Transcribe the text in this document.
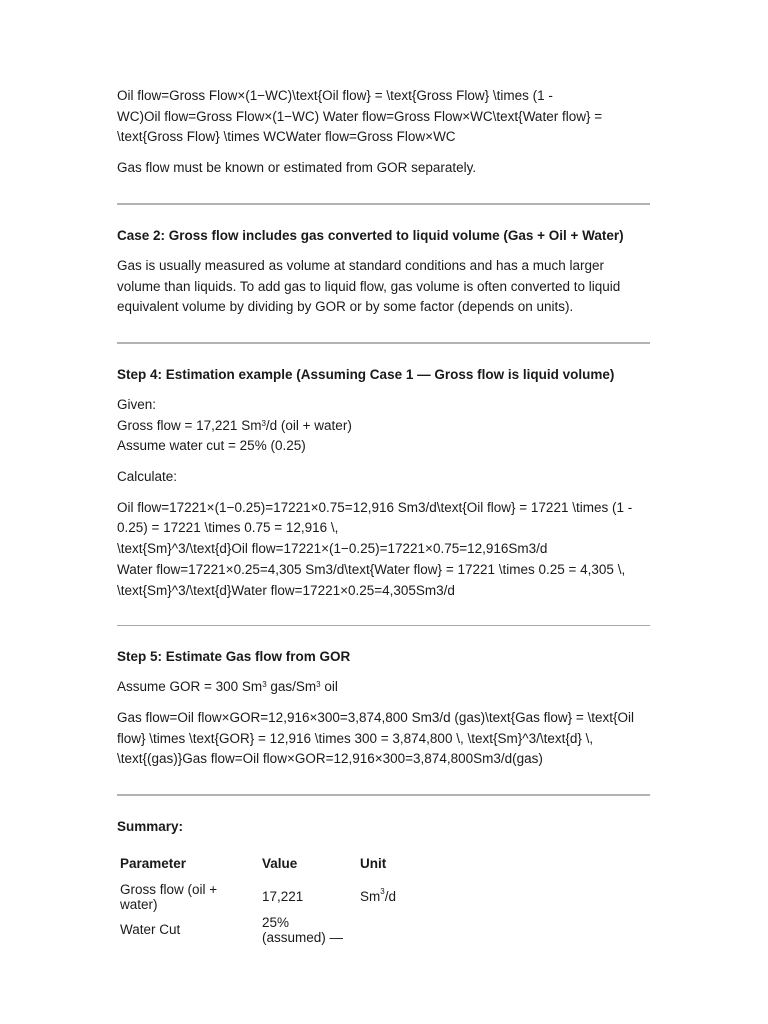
Oil flow=Gross Flow×(1−WC)\text{Oil flow} = \text{Gross Flow} \times (1 -

WC)Oil flow=Gross Flow×(1−WC) Water flow=Gross Flow×WC\text{Water flow} =

\text{Gross Flow} \times WCWater flow=Gross Flow×WC

Gas flow must be known or estimated from GOR separately.

Case 2: Gross flow includes gas converted to liquid volume (Gas + Oil + Water)

Gas is usually measured as volume at standard conditions and has a much larger

volume than liquids. To add gas to liquid flow, gas volume is often converted to liquid

equivalent volume by dividing by GOR or by some factor (depends on units).

Step 4: Estimation example (Assuming Case 1 — Gross flow is liquid volume)

Given:

Gross flow = 17,221 Sm$^3$/d (oil + water)

Assume water cut = 25% (0.25)

Calculate:

Oil flow=17221×(1−0.25)=17221×0.75=12,916 Sm3/d\text{Oil flow} = 17221 \times (1 -

0.25) = 17221 \times 0.75 = 12,916 \,

\text{Sm}^3/\text{d}Oil flow=17221×(1−0.25)=17221×0.75=12,916Sm3/d

Water flow=17221×0.25=4,305 Sm3/d\text{Water flow} = 17221 \times 0.25 = 4,305 \,

\text{Sm}^3/\text{d}Water flow=17221×0.25=4,305Sm3/d

Step 5: Estimate Gas flow from GOR

Assume GOR = 300 Sm$^3$ gas/Sm$^3$ oil

Gas flow=Oil flow×GOR=12,916×300=3,874,800 Sm3/d (gas)\text{Gas flow} = \text{Oil

flow} \times \text{GOR} = 12,916 \times 300 = 3,874,800 \, \text{Sm}^3/\text{d} \,

\text{(gas)}Gas flow=Oil flow×GOR=12,916×300=3,874,800Sm3/d(gas)

Summary:
Parameter	Value	Unit
Gross flow (oil + water)	17,221	Sm$^3$/d
Water Cut	25% (assumed) —	
